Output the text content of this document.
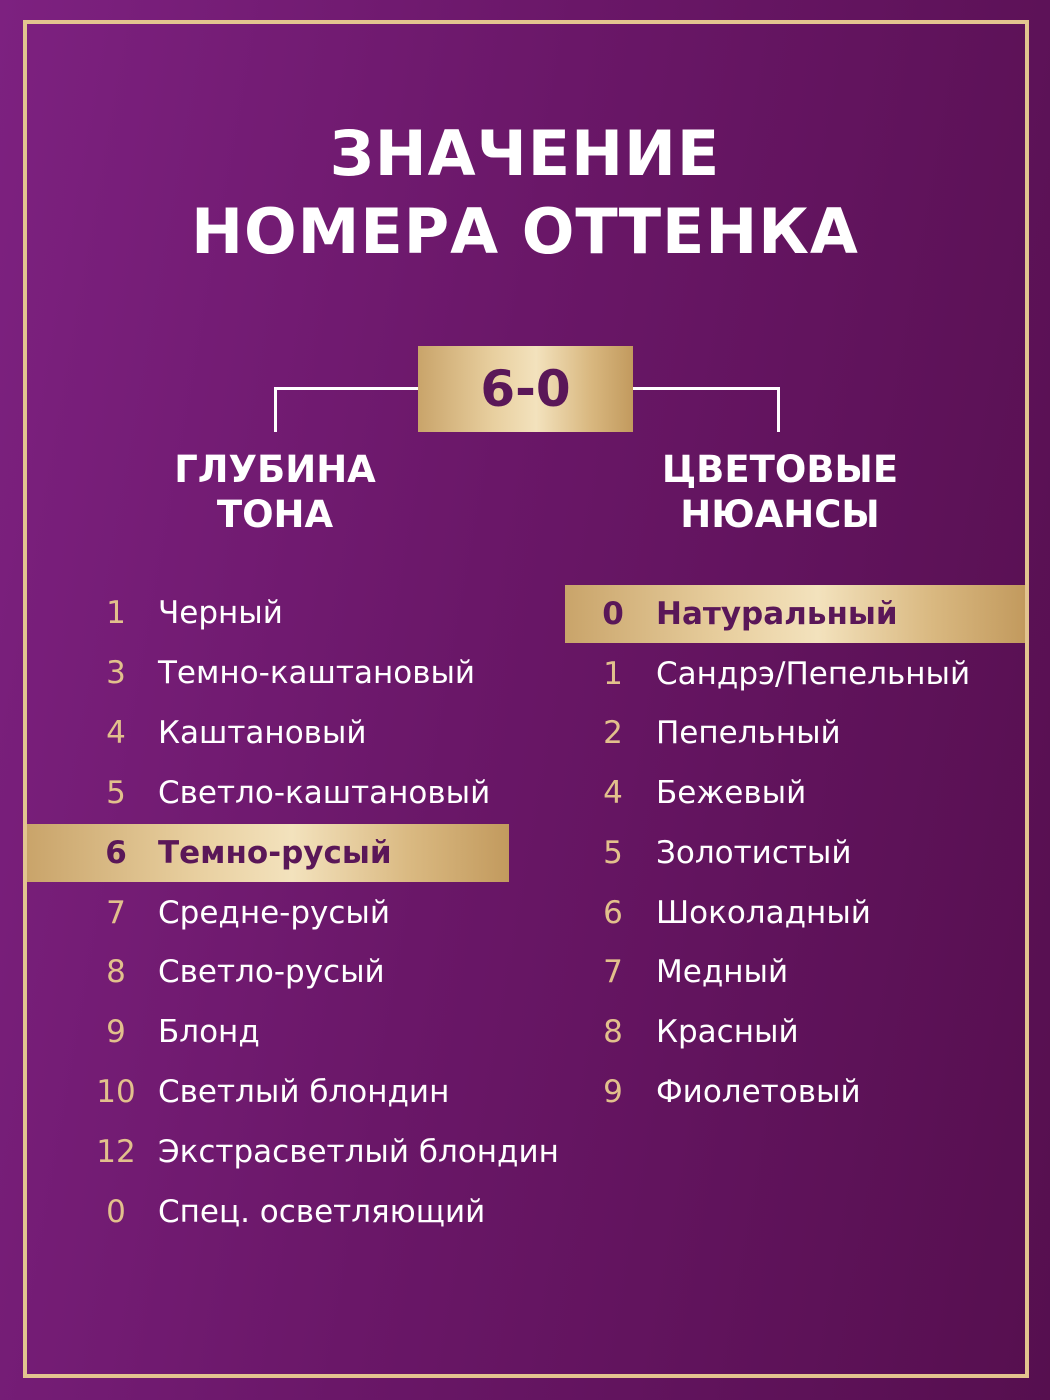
ЗНАЧЕНИЕ
НОМЕРА ОТТЕНКА
6-0
ГЛУБИНА
ТОНА
ЦВЕТОВЫЕ
НЮАНСЫ
1	Черный
3	Темно-каштановый
4	Каштановый
5	Светло-каштановый
6	Темно-русый
7	Средне-русый
8	Светло-русый
9	Блонд
10 Светлый блондин
12 Экстрасветлый блондин
0	Спец. осветляющий
0	Натуральный
1	Сандрэ/Пепельный
2	Пепельный
4	Бежевый
5	Золотистый
6	Шоколадный
7	Медный
8	Красный
9	Фиолетовый
